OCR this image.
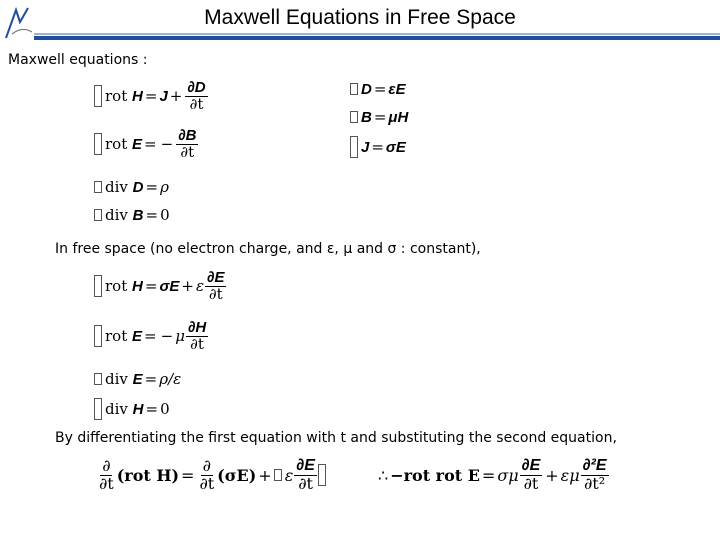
Maxwell Equations in Free Space
Maxwell equations :
rot
$H = J + \frac{\partial D}{\partial t}$
rot
E = − $\frac{\partial B}{\partial t}$
div
D = ρ
div
B = 0
D = εE
B = μH
J = σE
In free space (no electron charge, and ε, μ and σ : constant),
rot
H = σE + ε $\frac{\partial E}{\partial t}$
rot
E = − μ $\frac{\partial H}{\partial t}$
div
E = ρ/ε
div
H = 0
By differentiating the first equation with t and substituting the second equation,
$\frac{\partial}{\partial t} (rot$ $H) = \frac{\partial}{\partial t} (\sigma E) + \varepsilon \frac{\partial E}{\partial t}$	∴ −rot rot E = σμ $\frac{\partial E}{\partial t} + \varepsilon\mu \frac{\text{∂²E}}{\text{∂t²}}$
